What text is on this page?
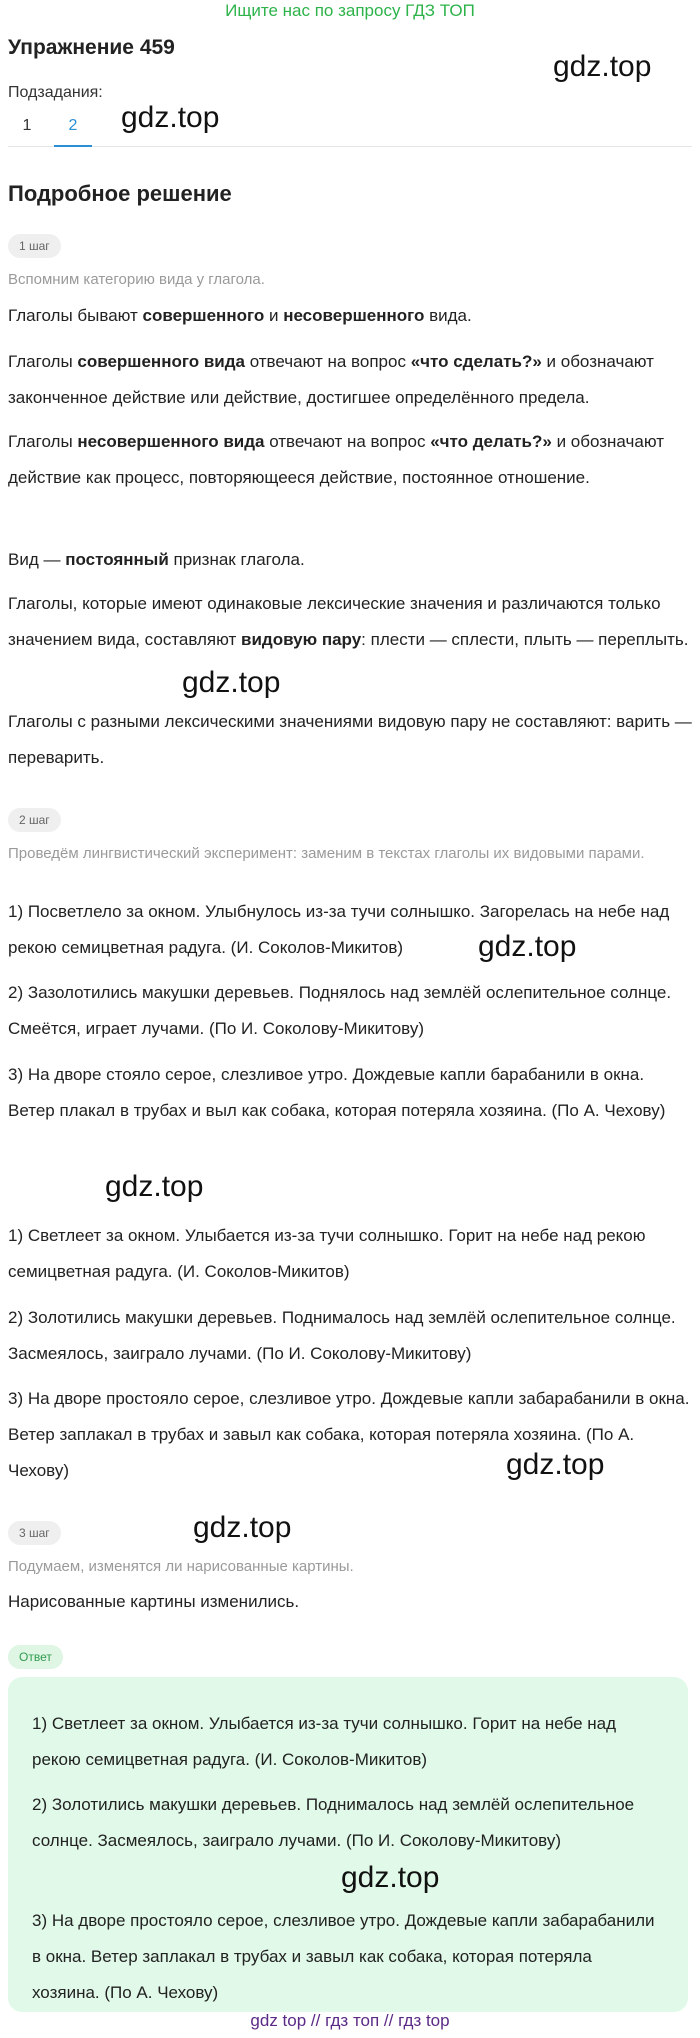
Ищите нас по запросу ГДЗ ТОП
Упражнение 459
gdz.top
Подзадания:
1	2	gdz.top
Подробное решение
1 шаг
Вспомним категорию вида у глагола.

Глаголы бывают совершенного и несовершенного вида.

Глаголы совершенного вида отвечают на вопрос «что сделать?» и обозначают законченное действие или действие, достигшее определённого предела.

Глаголы несовершенного вида отвечают на вопрос «что делать?» и обозначают действие как процесс, повторяющееся действие, постоянное отношение.

Вид — постоянный признак глагола.

Глаголы, которые имеют одинаковые лексические значения и различаются только значением вида, составляют видовую пару: плести — сплести, плыть — переплыть.

gdz.top

Глаголы с разными лексическими значениями видовую пару не составляют: варить — переварить.

2 шаг
Проведём лингвистический эксперимент: заменим в текстах глаголы их видовыми парами.

1) Посветлело за окном. Улыбнулось из-за тучи солнышко. Загорелась на небе над рекою семицветная радуга. (И. Соколов-Микитов)	gdz.top

2) Зазолотились макушки деревьев. Поднялось над землёй ослепительное солнце. Смеётся, играет лучами. (По И. Соколову-Микитову)

3) На дворе стояло серое, слезливое утро. Дождевые капли барабанили в окна. Ветер плакал в трубах и выл как собака, которая потеряла хозяина. (По А. Чехову)

gdz.top

1) Светлеет за окном. Улыбается из-за тучи солнышко. Горит на небе над рекою семицветная радуга. (И. Соколов-Микитов)

2) Золотились макушки деревьев. Поднималось над землёй ослепительное солнце. Засмеялось, заиграло лучами. (По И. Соколову-Микитову)

3) На дворе простояло серое, слезливое утро. Дождевые капли забарабанили в окна. Ветер заплакал в трубах и завыл как собака, которая потеряла хозяина. (По А. Чехову)	gdz.top
gdz.top
3 шаг
Подумаем, изменятся ли нарисованные картины.

Нарисованные картины изменились.

Ответ

1) Светлеет за окном. Улыбается из-за тучи солнышко. Горит на небе над рекою семицветная радуга. (И. Соколов-Микитов)

2) Золотились макушки деревьев. Поднималось над землёй ослепительное солнце. Засмеялось, заиграло лучами. (По И. Соколову-Микитову)

gdz.top

3) На дворе простояло серое, слезливое утро. Дождевые капли забарабанили в окна. Ветер заплакал в трубах и завыл как собака, которая потеряла хозяина. (По А. Чехову)

gdz top // гдз топ // гдз top
